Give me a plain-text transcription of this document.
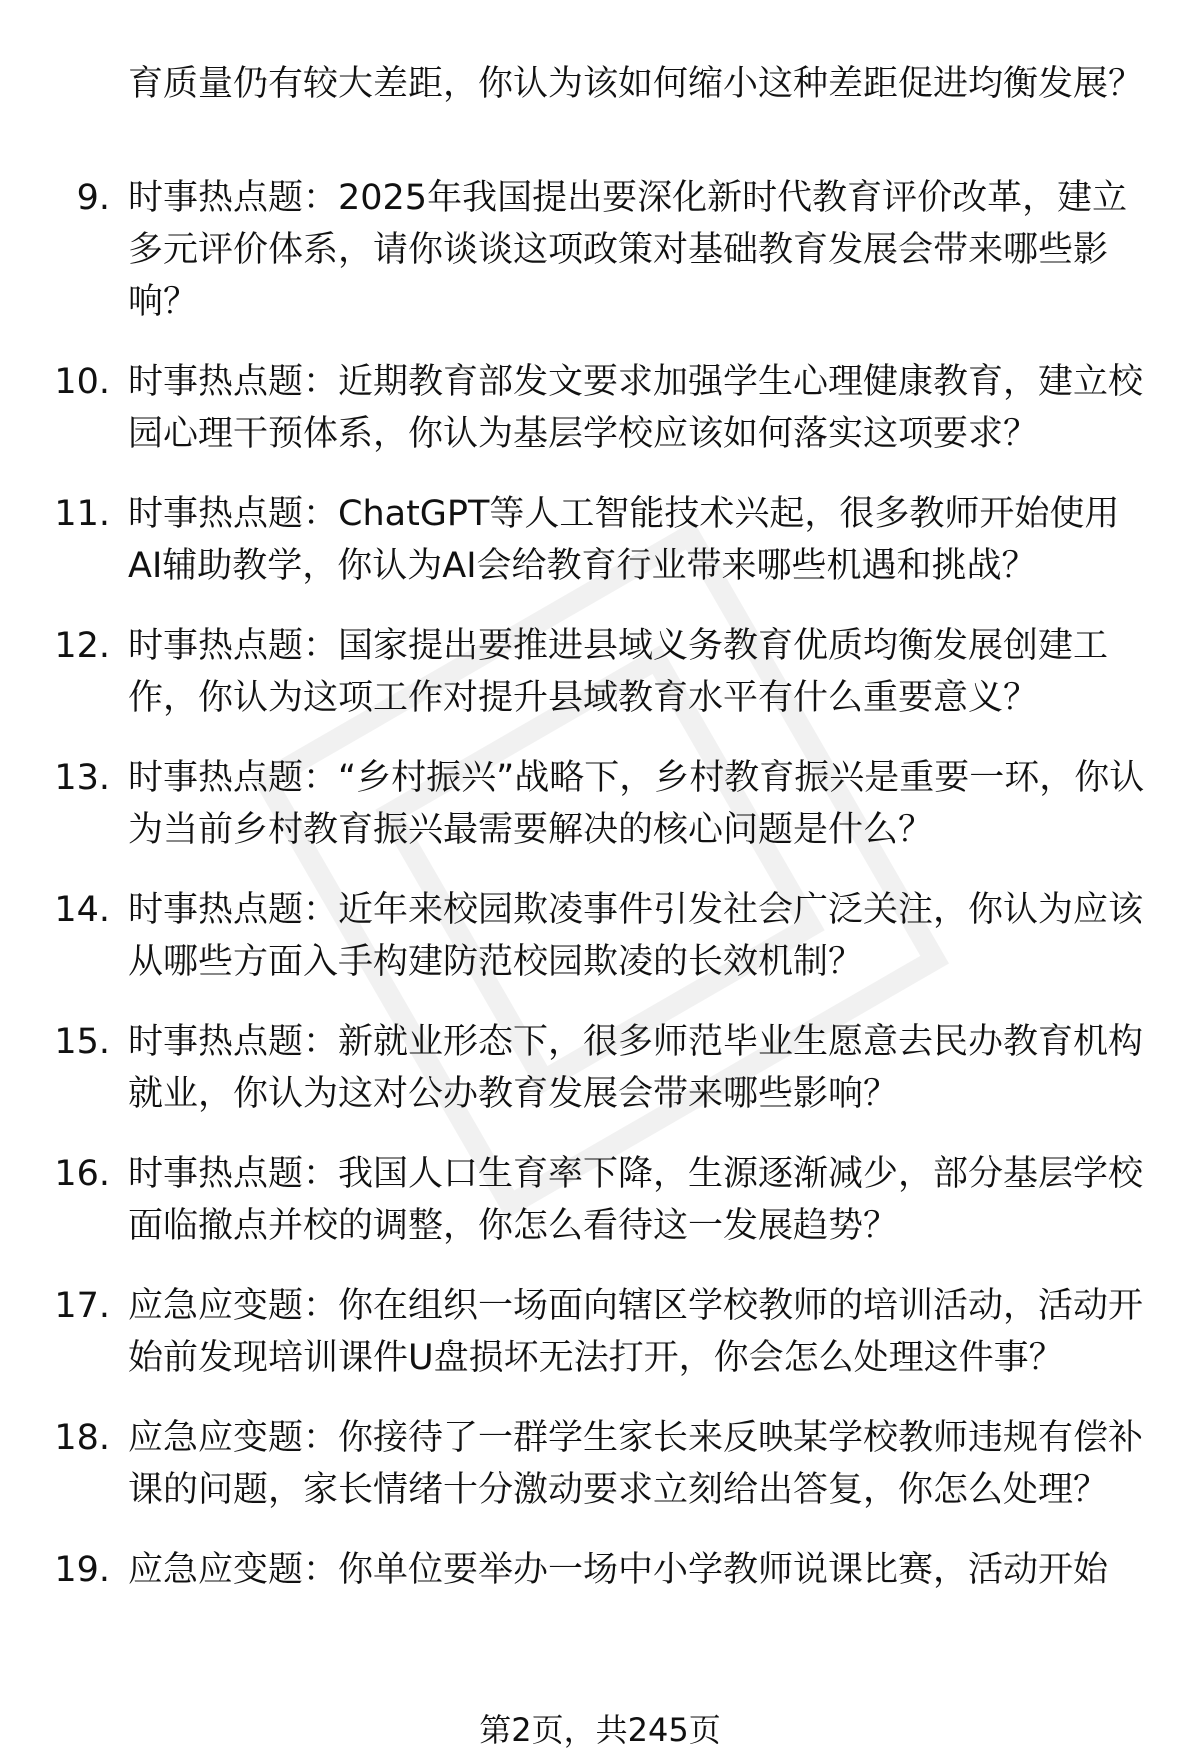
育质量仍有较大差距，你认为该如何缩小这种差距促进均衡发展？

9. 时事热点题：2025年我国提出要深化新时代教育评价改革，建立多元评价体系，请你谈谈这项政策对基础教育发展会带来哪些影响？

10. 时事热点题：近期教育部发文要求加强学生心理健康教育，建立校园心理干预体系，你认为基层学校应该如何落实这项要求？

11. 时事热点题：ChatGPT等人工智能技术兴起，很多教师开始使用AI辅助教学，你认为AI会给教育行业带来哪些机遇和挑战？

12. 时事热点题：国家提出要推进县域义务教育优质均衡发展创建工作，你认为这项工作对提升县域教育水平有什么重要意义？

13. 时事热点题：“乡村振兴”战略下，乡村教育振兴是重要一环，你认为当前乡村教育振兴最需要解决的核心问题是什么？

14. 时事热点题：近年来校园欺凌事件引发社会广泛关注，你认为应该从哪些方面入手构建防范校园欺凌的长效机制？

15. 时事热点题：新就业形态下，很多师范毕业生愿意去民办教育机构就业，你认为这对公办教育发展会带来哪些影响？

16. 时事热点题：我国人口生育率下降，生源逐渐减少，部分基层学校面临撤点并校的调整，你怎么看待这一发展趋势？

17. 应急应变题：你在组织一场面向辖区学校教师的培训活动，活动开始前发现培训课件U盘损坏无法打开，你会怎么处理这件事？

18. 应急应变题：你接待了一群学生家长来反映某学校教师违规有偿补课的问题，家长情绪十分激动要求立刻给出答复，你怎么处理？

19. 应急应变题：你单位要举办一场中小学教师说课比赛，活动开始

第2页，共245页
